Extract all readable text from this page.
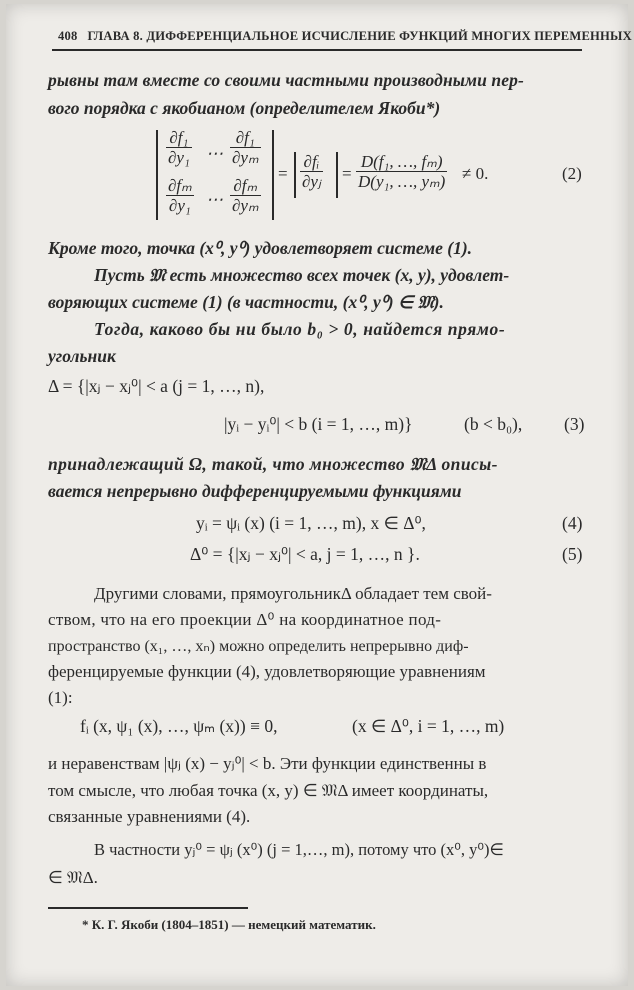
408 ГЛАВА 8. ДИФФЕРЕНЦИАЛЬНОЕ ИСЧИСЛЕНИЕ ФУНКЦИЙ МНОГИХ ПЕРЕМЕННЫХ
рывны там вместе со своими частными производными пер-
вого порядка с якобианом (определителем Якоби*)
$\frac{\text{∂f₁}}{\text{∂y₁}}$ ⋯ $\frac{\text{∂f₁}}{\text{∂yₘ}}$
$\frac{\text{∂fₘ}}{\text{∂y₁}}$ ⋯ $\frac{\text{∂fₘ}}{\text{∂yₘ}}$
= $\frac{\text{∂fᵢ}}{\text{∂yⱼ}} = \frac{\text{D(f₁, …, fₘ)}}{\text{D(y₁, …, yₘ)}} \ne 0$.	(2)
Кроме того, точка (x⁰, y⁰) удовлетворяет системе (1).
Пусть 𝔐 есть множество всех точек (x, y), удовлет-
воряющих системе (1) (в частности, (x⁰, y⁰) ∈ 𝔐).
Тогда, каково бы ни было b₀ > 0, найдется прямо-
угольник
Δ = {|xⱼ − xⱼ⁰| < a (j = 1, …, n),
|yᵢ − yᵢ⁰| < b (i = 1, …, m)}	(b < b₀), (3)
принадлежащий Ω, такой, что множество 𝔐Δ описы-
вается непрерывно дифференцируемыми функциями
yᵢ = ψᵢ (x) (i = 1, …, m), x ∈ Δ⁰,	(4)
Δ⁰ = {|xⱼ − xⱼ⁰| < a, j = 1, …, n }.	(5)
Другими словами, прямоугольникΔ обладает тем свой-
ством, что на его проекции Δ⁰ на координатное под-
пространство (x₁, …, xₙ) можно определить непрерывно диф-
ференцируемые функции (4), удовлетворяющие уравнениям
(1):
fᵢ (x, ψ₁ (x), …, ψₘ (x)) ≡ 0,	(x ∈ Δ⁰, i = 1, …, m)
и неравенствам |ψⱼ (x) − yⱼ⁰| < b. Эти функции единственны в
том смысле, что любая точка (x, y) ∈ 𝔐Δ имеет координаты,
связанные уравнениями (4).
В частности yⱼ⁰ = ψⱼ (x⁰) (j = 1,…, m), потому что (x⁰, y⁰)∈
∈ 𝔐Δ.
* К. Г. Якоби (1804–1851) — немецкий математик.
